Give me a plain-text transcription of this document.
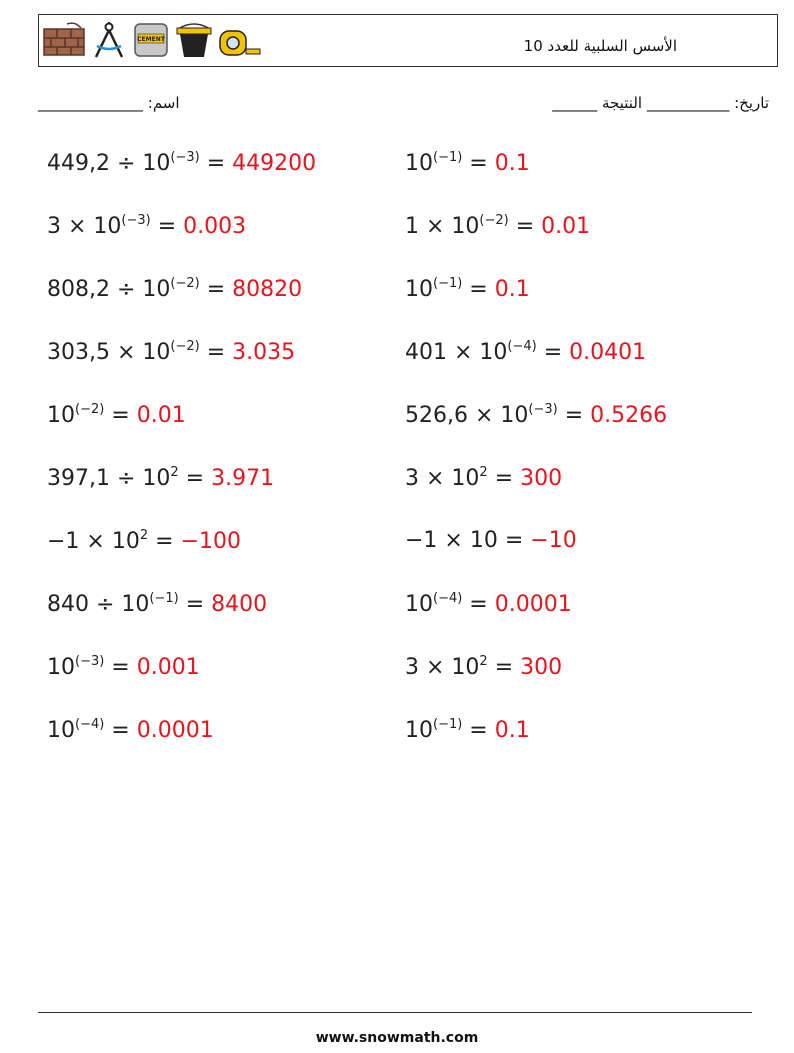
CEMENT	الأسس السلبية للعدد 10
اسم: ______________	تاريخ: ___________ النتيجة ______
$449,2 \div 10^{(-3)} = 449200$	$10^{(-1)} = 0.1$
$3 \times 10^{(-3)} = 0.003$	$1 \times 10^{(-2)} = 0.01$
$808,2 \div 10^{(-2)} = 80820$	$10^{(-1)} = 0.1$
$303,5 \times 10^{(-2)} = 3.035$	$401 \times 10^{(-4)} = 0.0401$
$10^{(-2)} = 0.01$	$526,6 \times 10^{(-3)} = 0.5266$
$397,1 \div 10^2 = 3.971$	$3 \times 10^2 = 300$
$-1 \times 10^2 = -100$	−1 × 10 = −10
$840 \div 10^{(-1)} = 8400$	$10^{(-4)} = 0.0001$
$10^{(-3)} = 0.001$	$3 \times 10^2 = 300$
$10^{(-4)} = 0.0001$	$10^{(-1)} = 0.1$
www.snowmath.com
